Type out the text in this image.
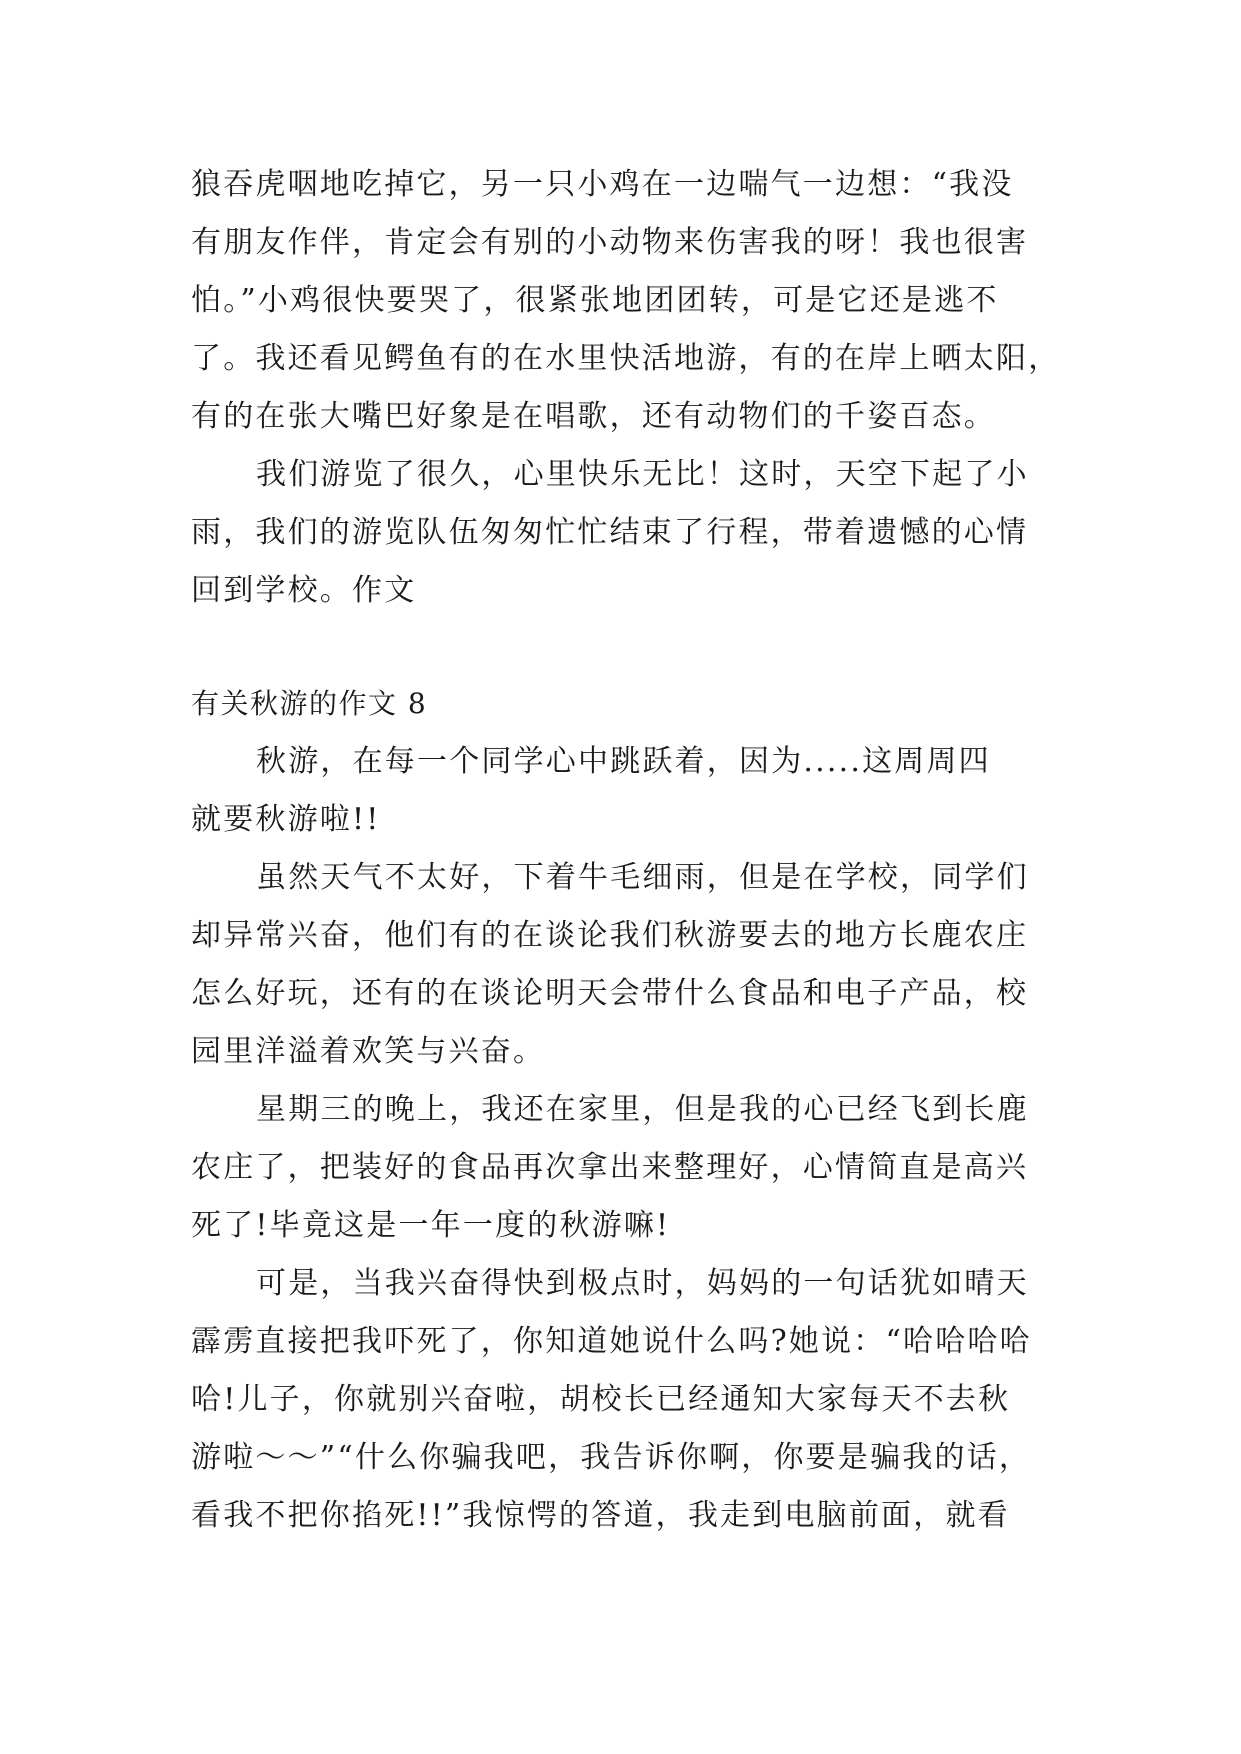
狼吞虎咽地吃掉它，另一只小鸡在一边喘气一边想：“我没
有朋友作伴，肯定会有别的小动物来伤害我的呀！我也很害
怕。”小鸡很快要哭了，很紧张地团团转，可是它还是逃不
了。我还看见鳄鱼有的在水里快活地游，有的在岸上晒太阳，
有的在张大嘴巴好象是在唱歌，还有动物们的千姿百态。
我们游览了很久，心里快乐无比！这时，天空下起了小
雨，我们的游览队伍匆匆忙忙结束了行程，带着遗憾的心情
回到学校。作文
有关秋游的作文 8
秋游，在每一个同学心中跳跃着，因为.....这周周四
就要秋游啦!!
虽然天气不太好，下着牛毛细雨，但是在学校，同学们
却异常兴奋，他们有的在谈论我们秋游要去的地方长鹿农庄
怎么好玩，还有的在谈论明天会带什么食品和电子产品，校
园里洋溢着欢笑与兴奋。
星期三的晚上，我还在家里，但是我的心已经飞到长鹿
农庄了，把装好的食品再次拿出来整理好，心情简直是高兴
死了!毕竟这是一年一度的秋游嘛!
可是，当我兴奋得快到极点时，妈妈的一句话犹如晴天
霹雳直接把我吓死了，你知道她说什么吗?她说：“哈哈哈哈
哈!儿子，你就别兴奋啦，胡校长已经通知大家每天不去秋
游啦～～”“什么你骗我吧，我告诉你啊，你要是骗我的话，
看我不把你掐死!!”我惊愕的答道，我走到电脑前面，就看
